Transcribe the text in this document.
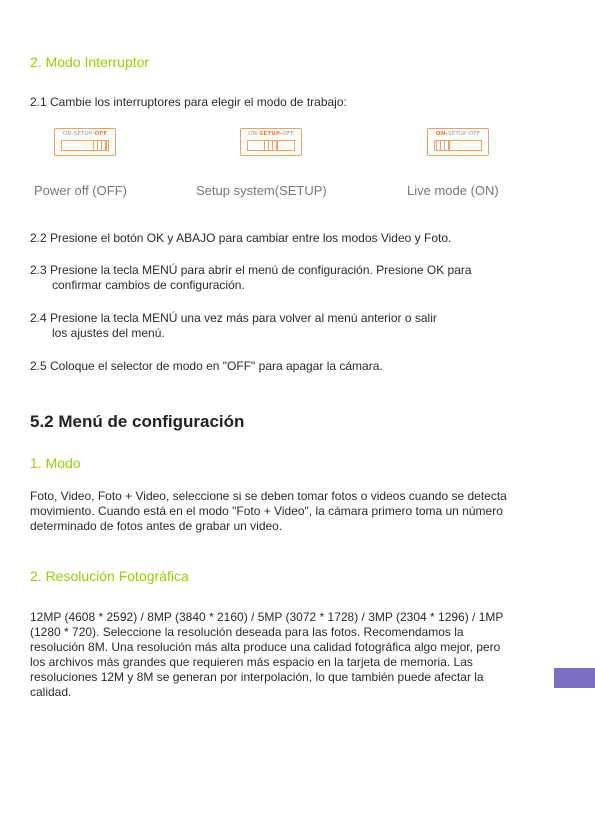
2. Modo Interruptor
2.1 Cambie los interruptores para elegir el modo de trabajo:
ON-SETUP-OFF	ON-SETUP-OFF	ON-SETUP-OFF
Power off (OFF)	Setup system(SETUP)	Live mode (ON)
2.2 Presione el botón OK y ABAJO para cambiar entre los modos Video y Foto.
2.3 Presione la tecla MENÚ para abrir el menú de configuración. Presione OK para
confirmar cambios de configuración.
2.4 Presione la tecla MENÚ una vez más para volver al menú anterior o salir
los ajustes del menú.
2.5 Coloque el selector de modo en "OFF" para apagar la cámara.
5.2 Menú de configuración
1. Modo
Foto, Video, Foto + Video, seleccione si se deben tomar fotos o videos cuando se detecta
movimiento. Cuando está en el modo "Foto + Video", la cámara primero toma un número
determinado de fotos antes de grabar un video.
2. Resolución Fotográfica
12MP (4608 * 2592) / 8MP (3840 * 2160) / 5MP (3072 * 1728) / 3MP (2304 * 1296) / 1MP
(1280 * 720). Seleccione la resolución deseada para las fotos. Recomendamos la
resolución 8M. Una resolución más alta produce una calidad fotográfica algo mejor, pero
los archivos más grandes que requieren más espacio en la tarjeta de memoria. Las
resoluciones 12M y 8M se generan por interpolación, lo que también puede afectar la
calidad.
